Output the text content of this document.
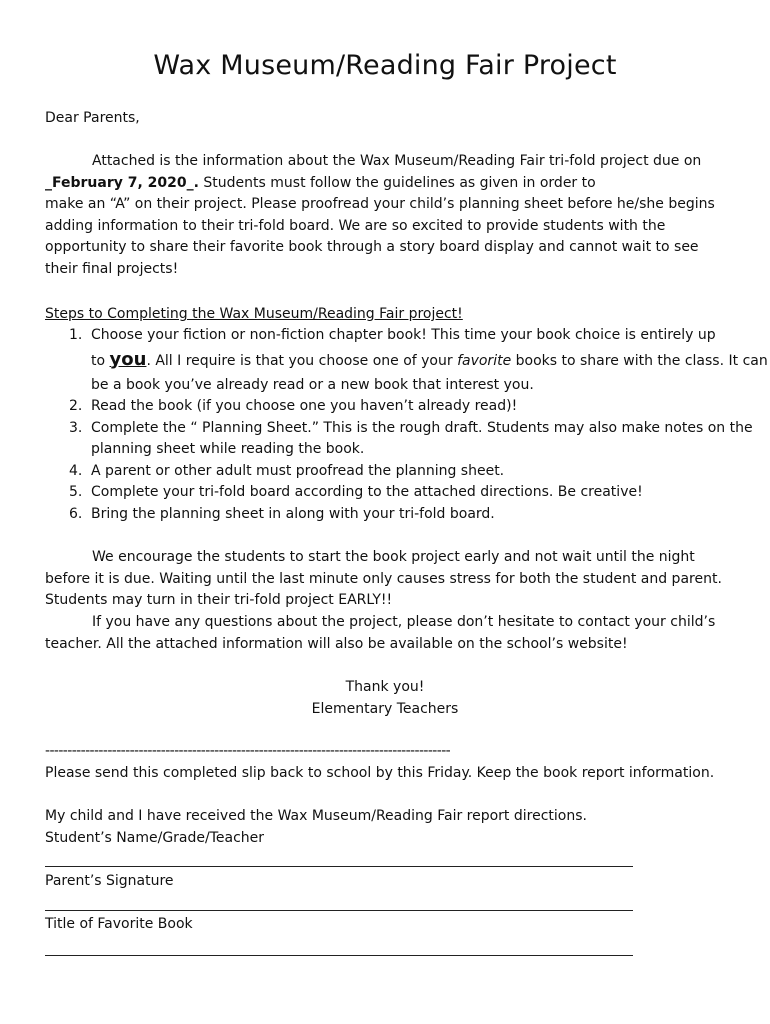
Wax Museum/Reading Fair Project

Dear Parents,

Attached is the information about the Wax Museum/Reading Fair tri-fold project due on
_February 7, 2020_. Students must follow the guidelines as given in order to
make an “A” on their project. Please proofread your child’s planning sheet before he/she begins adding information to their tri-fold board. We are so excited to provide students with the opportunity to share their favorite book through a story board display and cannot wait to see their final projects!

Steps to Completing the Wax Museum/Reading Fair project!

1. Choose your fiction or non-fiction chapter book! This time your book choice is entirely up
to you. All I require is that you choose one of your favorite books to share with the class. It can be a book you’ve already read or a new book that interest you.
2. Read the book (if you choose one you haven’t already read)!
3. Complete the “ Planning Sheet.” This is the rough draft. Students may also make notes on the planning sheet while reading the book.
4. A parent or other adult must proofread the planning sheet.
5. Complete your tri-fold board according to the attached directions. Be creative!
6. Bring the planning sheet in along with your tri-fold board.

We encourage the students to start the book project early and not wait until the night before it is due. Waiting until the last minute only causes stress for both the student and parent. Students may turn in their tri-fold project EARLY!!

If you have any questions about the project, please don’t hesitate to contact your child’s teacher. All the attached information will also be available on the school’s website!

Thank you!

Elementary Teachers

-------------------------------------------------------------------------------------------

Please send this completed slip back to school by this Friday. Keep the book report information.

My child and I have received the Wax Museum/Reading Fair report directions.

Student’s Name/Grade/Teacher

Parent’s Signature

Title of Favorite Book
